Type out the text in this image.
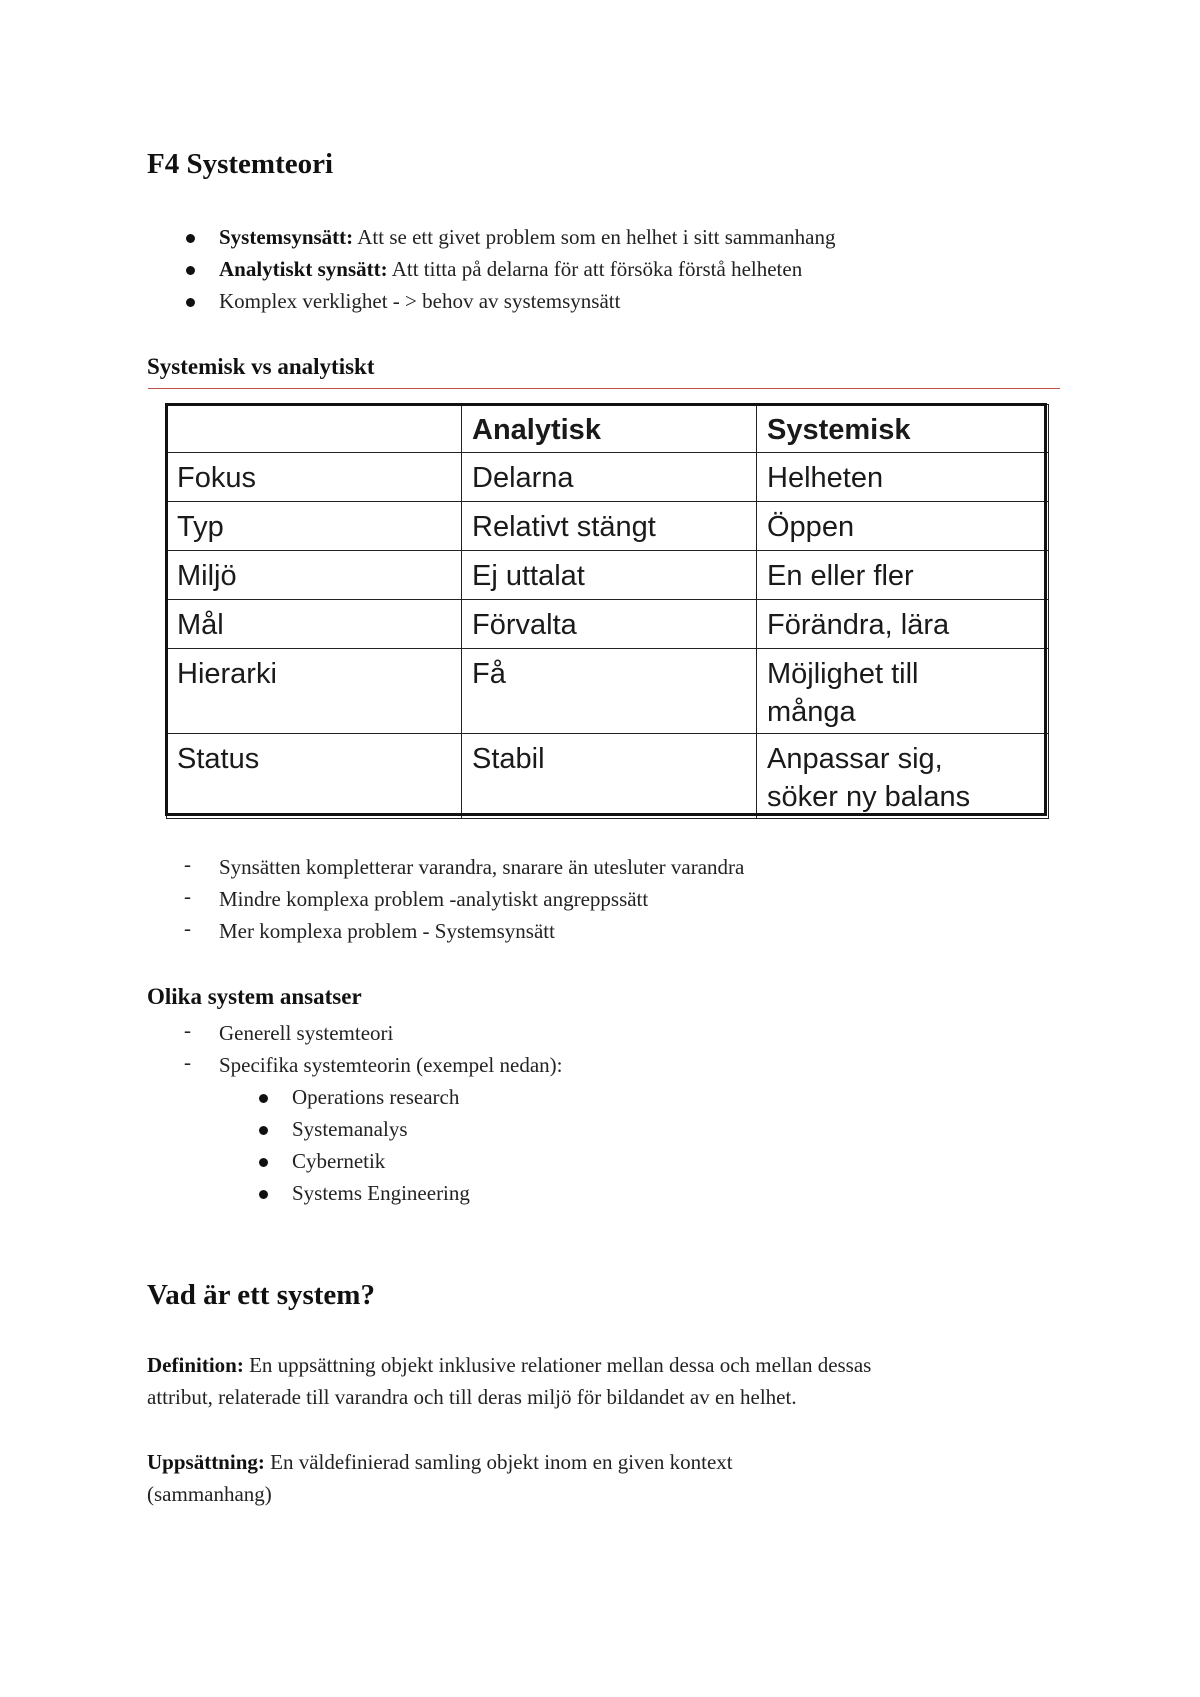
F4 Systemteori
Systemsynsätt: Att se ett givet problem som en helhet i sitt sammanhang
Analytiskt synsätt: Att titta på delarna för att försöka förstå helheten
Komplex verklighet - > behov av systemsynsätt
Systemisk vs analytiskt
	Analytisk	Systemisk
Fokus	Delarna	Helheten
Typ	Relativt stängt	Öppen
Miljö	Ej uttalat	En eller fler
Mål	Förvalta	Förändra, lära
Hierarki	Få	Möjlighet till
många
Status	Stabil	Anpassar sig,
söker ny balans
- Synsätten kompletterar varandra, snarare än utesluter varandra
- Mindre komplexa problem -analytiskt angreppssätt
- Mer komplexa problem - Systemsynsätt
Olika system ansatser
- Generell systemteori
- Specifika systemteorin (exempel nedan):
Operations research
Systemanalys
Cybernetik
Systems Engineering
Vad är ett system?
Definition: En uppsättning objekt inklusive relationer mellan dessa och mellan dessas
attribut, relaterade till varandra och till deras miljö för bildandet av en helhet.
Uppsättning: En väldefinierad samling objekt inom en given kontext
(sammanhang)
